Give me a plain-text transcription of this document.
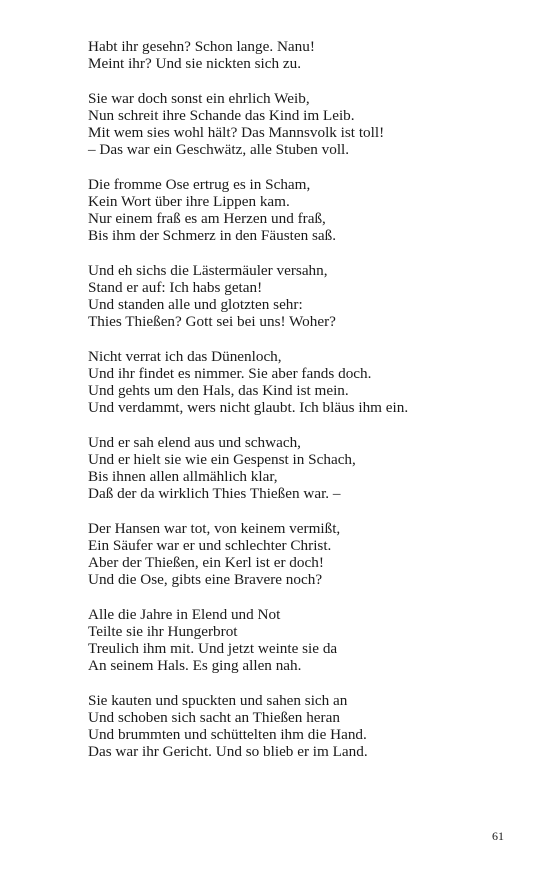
Habt ihr gesehn? Schon lange. Nanu!
Meint ihr? Und sie nickten sich zu.
Sie war doch sonst ein ehrlich Weib,
Nun schreit ihre Schande das Kind im Leib.
Mit wem sies wohl hält? Das Mannsvolk ist toll!
– Das war ein Geschwätz, alle Stuben voll.
Die fromme Ose ertrug es in Scham,
Kein Wort über ihre Lippen kam.
Nur einem fraß es am Herzen und fraß,
Bis ihm der Schmerz in den Fäusten saß.
Und eh sichs die Lästermäuler versahn,
Stand er auf: Ich habs getan!
Und standen alle und glotzten sehr:
Thies Thießen? Gott sei bei uns! Woher?
Nicht verrat ich das Dünenloch,
Und ihr findet es nimmer. Sie aber fands doch.
Und gehts um den Hals, das Kind ist mein.
Und verdammt, wers nicht glaubt. Ich bläus ihm ein.
Und er sah elend aus und schwach,
Und er hielt sie wie ein Gespenst in Schach,
Bis ihnen allen allmählich klar,
Daß der da wirklich Thies Thießen war. –
Der Hansen war tot, von keinem vermißt,
Ein Säufer war er und schlechter Christ.
Aber der Thießen, ein Kerl ist er doch!
Und die Ose, gibts eine Bravere noch?
Alle die Jahre in Elend und Not
Teilte sie ihr Hungerbrot
Treulich ihm mit. Und jetzt weinte sie da
An seinem Hals. Es ging allen nah.
Sie kauten und spuckten und sahen sich an
Und schoben sich sacht an Thießen heran
Und brummten und schüttelten ihm die Hand.
Das war ihr Gericht. Und so blieb er im Land.
61
